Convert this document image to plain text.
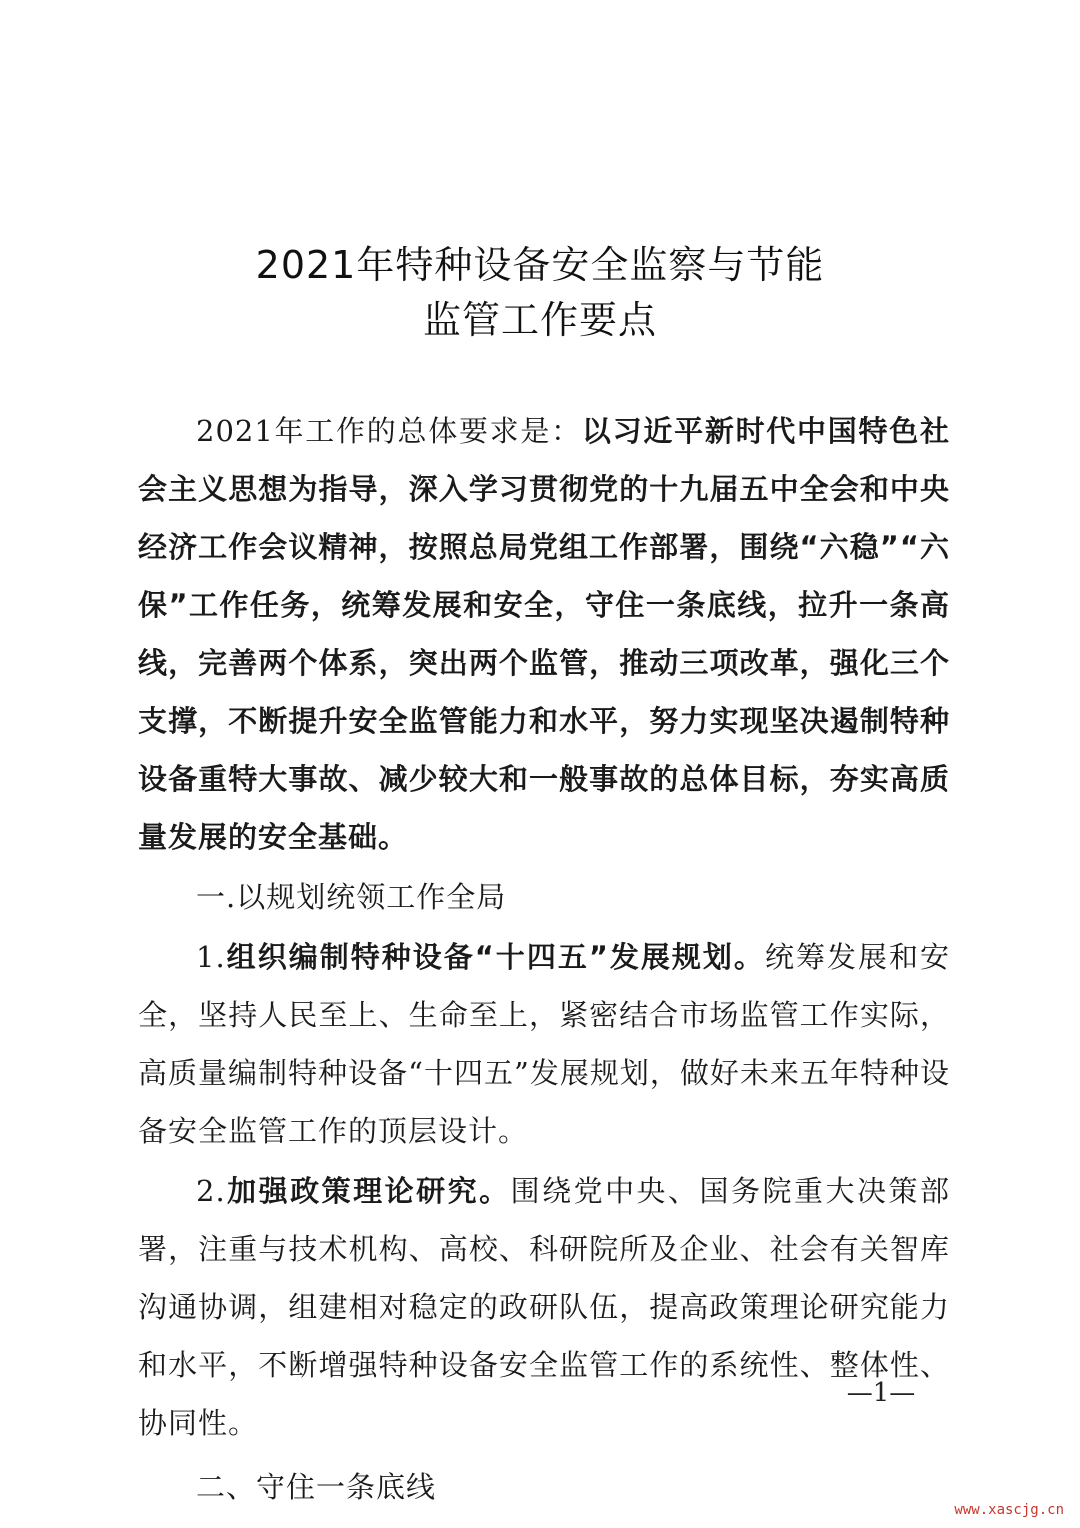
2021年特种设备安全监察与节能
监管工作要点

2021年工作的总体要求是：以习近平新时代中国特色社会主义思想为指导，深入学习贯彻党的十九届五中全会和中央经济工作会议精神，按照总局党组工作部署，围绕“六稳”“六保”工作任务，统筹发展和安全，守住一条底线，拉升一条高线，完善两个体系，突出两个监管，推动三项改革，强化三个支撑，不断提升安全监管能力和水平，努力实现坚决遏制特种设备重特大事故、减少较大和一般事故的总体目标，夯实高质量发展的安全基础。

一.以规划统领工作全局

1.组织编制特种设备“十四五”发展规划。统筹发展和安全，坚持人民至上、生命至上，紧密结合市场监管工作实际，高质量编制特种设备“十四五”发展规划，做好未来五年特种设备安全监管工作的顶层设计。

2.加强政策理论研究。围绕党中央、国务院重大决策部署，注重与技术机构、高校、科研院所及企业、社会有关智库沟通协调，组建相对稳定的政研队伍，提高政策理论研究能力和水平，不断增强特种设备安全监管工作的系统性、整体性、协同性。

二、守住一条底线

—1—
www.xascjg.cn
